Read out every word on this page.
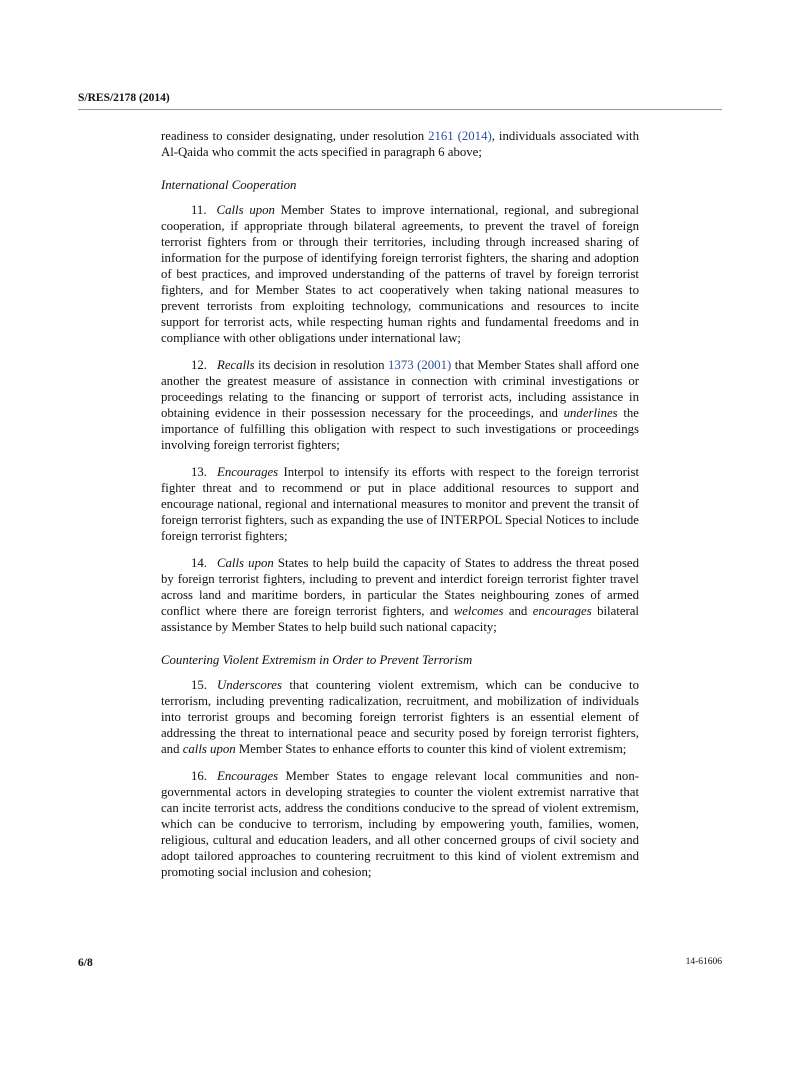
S/RES/2178 (2014)

readiness to consider designating, under resolution 2161 (2014), individuals associated with Al-Qaida who commit the acts specified in paragraph 6 above;

International Cooperation

11. Calls upon Member States to improve international, regional, and subregional cooperation, if appropriate through bilateral agreements, to prevent the travel of foreign terrorist fighters from or through their territories, including through increased sharing of information for the purpose of identifying foreign terrorist fighters, the sharing and adoption of best practices, and improved understanding of the patterns of travel by foreign terrorist fighters, and for Member States to act cooperatively when taking national measures to prevent terrorists from exploiting technology, communications and resources to incite support for terrorist acts, while respecting human rights and fundamental freedoms and in compliance with other obligations under international law;

12. Recalls its decision in resolution 1373 (2001) that Member States shall afford one another the greatest measure of assistance in connection with criminal investigations or proceedings relating to the financing or support of terrorist acts, including assistance in obtaining evidence in their possession necessary for the proceedings, and underlines the importance of fulfilling this obligation with respect to such investigations or proceedings involving foreign terrorist fighters;

13. Encourages Interpol to intensify its efforts with respect to the foreign terrorist fighter threat and to recommend or put in place additional resources to support and encourage national, regional and international measures to monitor and prevent the transit of foreign terrorist fighters, such as expanding the use of INTERPOL Special Notices to include foreign terrorist fighters;

14. Calls upon States to help build the capacity of States to address the threat posed by foreign terrorist fighters, including to prevent and interdict foreign terrorist fighter travel across land and maritime borders, in particular the States neighbouring zones of armed conflict where there are foreign terrorist fighters, and welcomes and encourages bilateral assistance by Member States to help build such national capacity;

Countering Violent Extremism in Order to Prevent Terrorism

15. Underscores that countering violent extremism, which can be conducive to terrorism, including preventing radicalization, recruitment, and mobilization of individuals into terrorist groups and becoming foreign terrorist fighters is an essential element of addressing the threat to international peace and security posed by foreign terrorist fighters, and calls upon Member States to enhance efforts to counter this kind of violent extremism;

16. Encourages Member States to engage relevant local communities and non-governmental actors in developing strategies to counter the violent extremist narrative that can incite terrorist acts, address the conditions conducive to the spread of violent extremism, which can be conducive to terrorism, including by empowering youth, families, women, religious, cultural and education leaders, and all other concerned groups of civil society and adopt tailored approaches to countering recruitment to this kind of violent extremism and promoting social inclusion and cohesion;

6/8	14-61606
